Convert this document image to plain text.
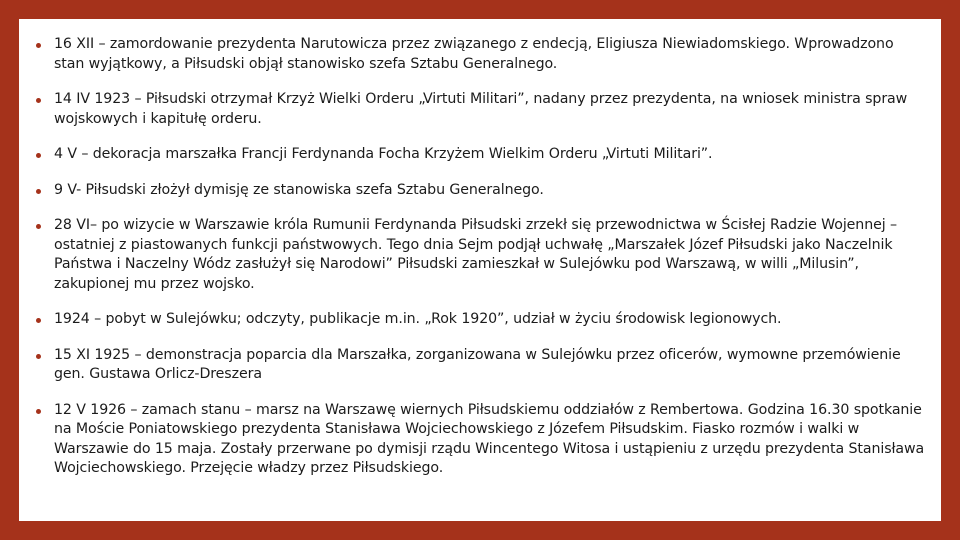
16 XII – zamordowanie prezydenta Narutowicza przez związanego z endecją, Eligiusza Niewiadomskiego. Wprowadzono stan wyjątkowy, a Piłsudski objął stanowisko szefa Sztabu Generalnego.
14 IV 1923 – Piłsudski otrzymał Krzyż Wielki Orderu „Virtuti Militari”, nadany przez prezydenta, na wniosek ministra spraw wojskowych i kapitułę orderu.
4 V – dekoracja marszałka Francji Ferdynanda Focha Krzyżem Wielkim Orderu „Virtuti Militari”.
9 V- Piłsudski złożył dymisję ze stanowiska szefa Sztabu Generalnego.
28 VI– po wizycie w Warszawie króla Rumunii Ferdynanda Piłsudski zrzekł się przewodnictwa w Ścisłej Radzie Wojennej – ostatniej z piastowanych funkcji państwowych. Tego dnia Sejm podjął uchwałę „Marszałek Józef Piłsudski jako Naczelnik Państwa i Naczelny Wódz zasłużył się Narodowi” Piłsudski zamieszkał w Sulejówku pod Warszawą, w willi „Milusin”, zakupionej mu przez wojsko.
1924 – pobyt w Sulejówku; odczyty, publikacje m.in. „Rok 1920”, udział w życiu środowisk legionowych.
15 XI 1925 – demonstracja poparcia dla Marszałka, zorganizowana w Sulejówku przez oficerów, wymowne przemówienie gen. Gustawa Orlicz-Dreszera
12 V 1926 – zamach stanu – marsz na Warszawę wiernych Piłsudskiemu oddziałów z Rembertowa. Godzina 16.30 spotkanie na Moście Poniatowskiego prezydenta Stanisława Wojciechowskiego z Józefem Piłsudskim. Fiasko rozmów i walki w Warszawie do 15 maja. Zostały przerwane po dymisji rządu Wincentego Witosa i ustąpieniu z urzędu prezydenta Stanisława Wojciechowskiego. Przejęcie władzy przez Piłsudskiego.
